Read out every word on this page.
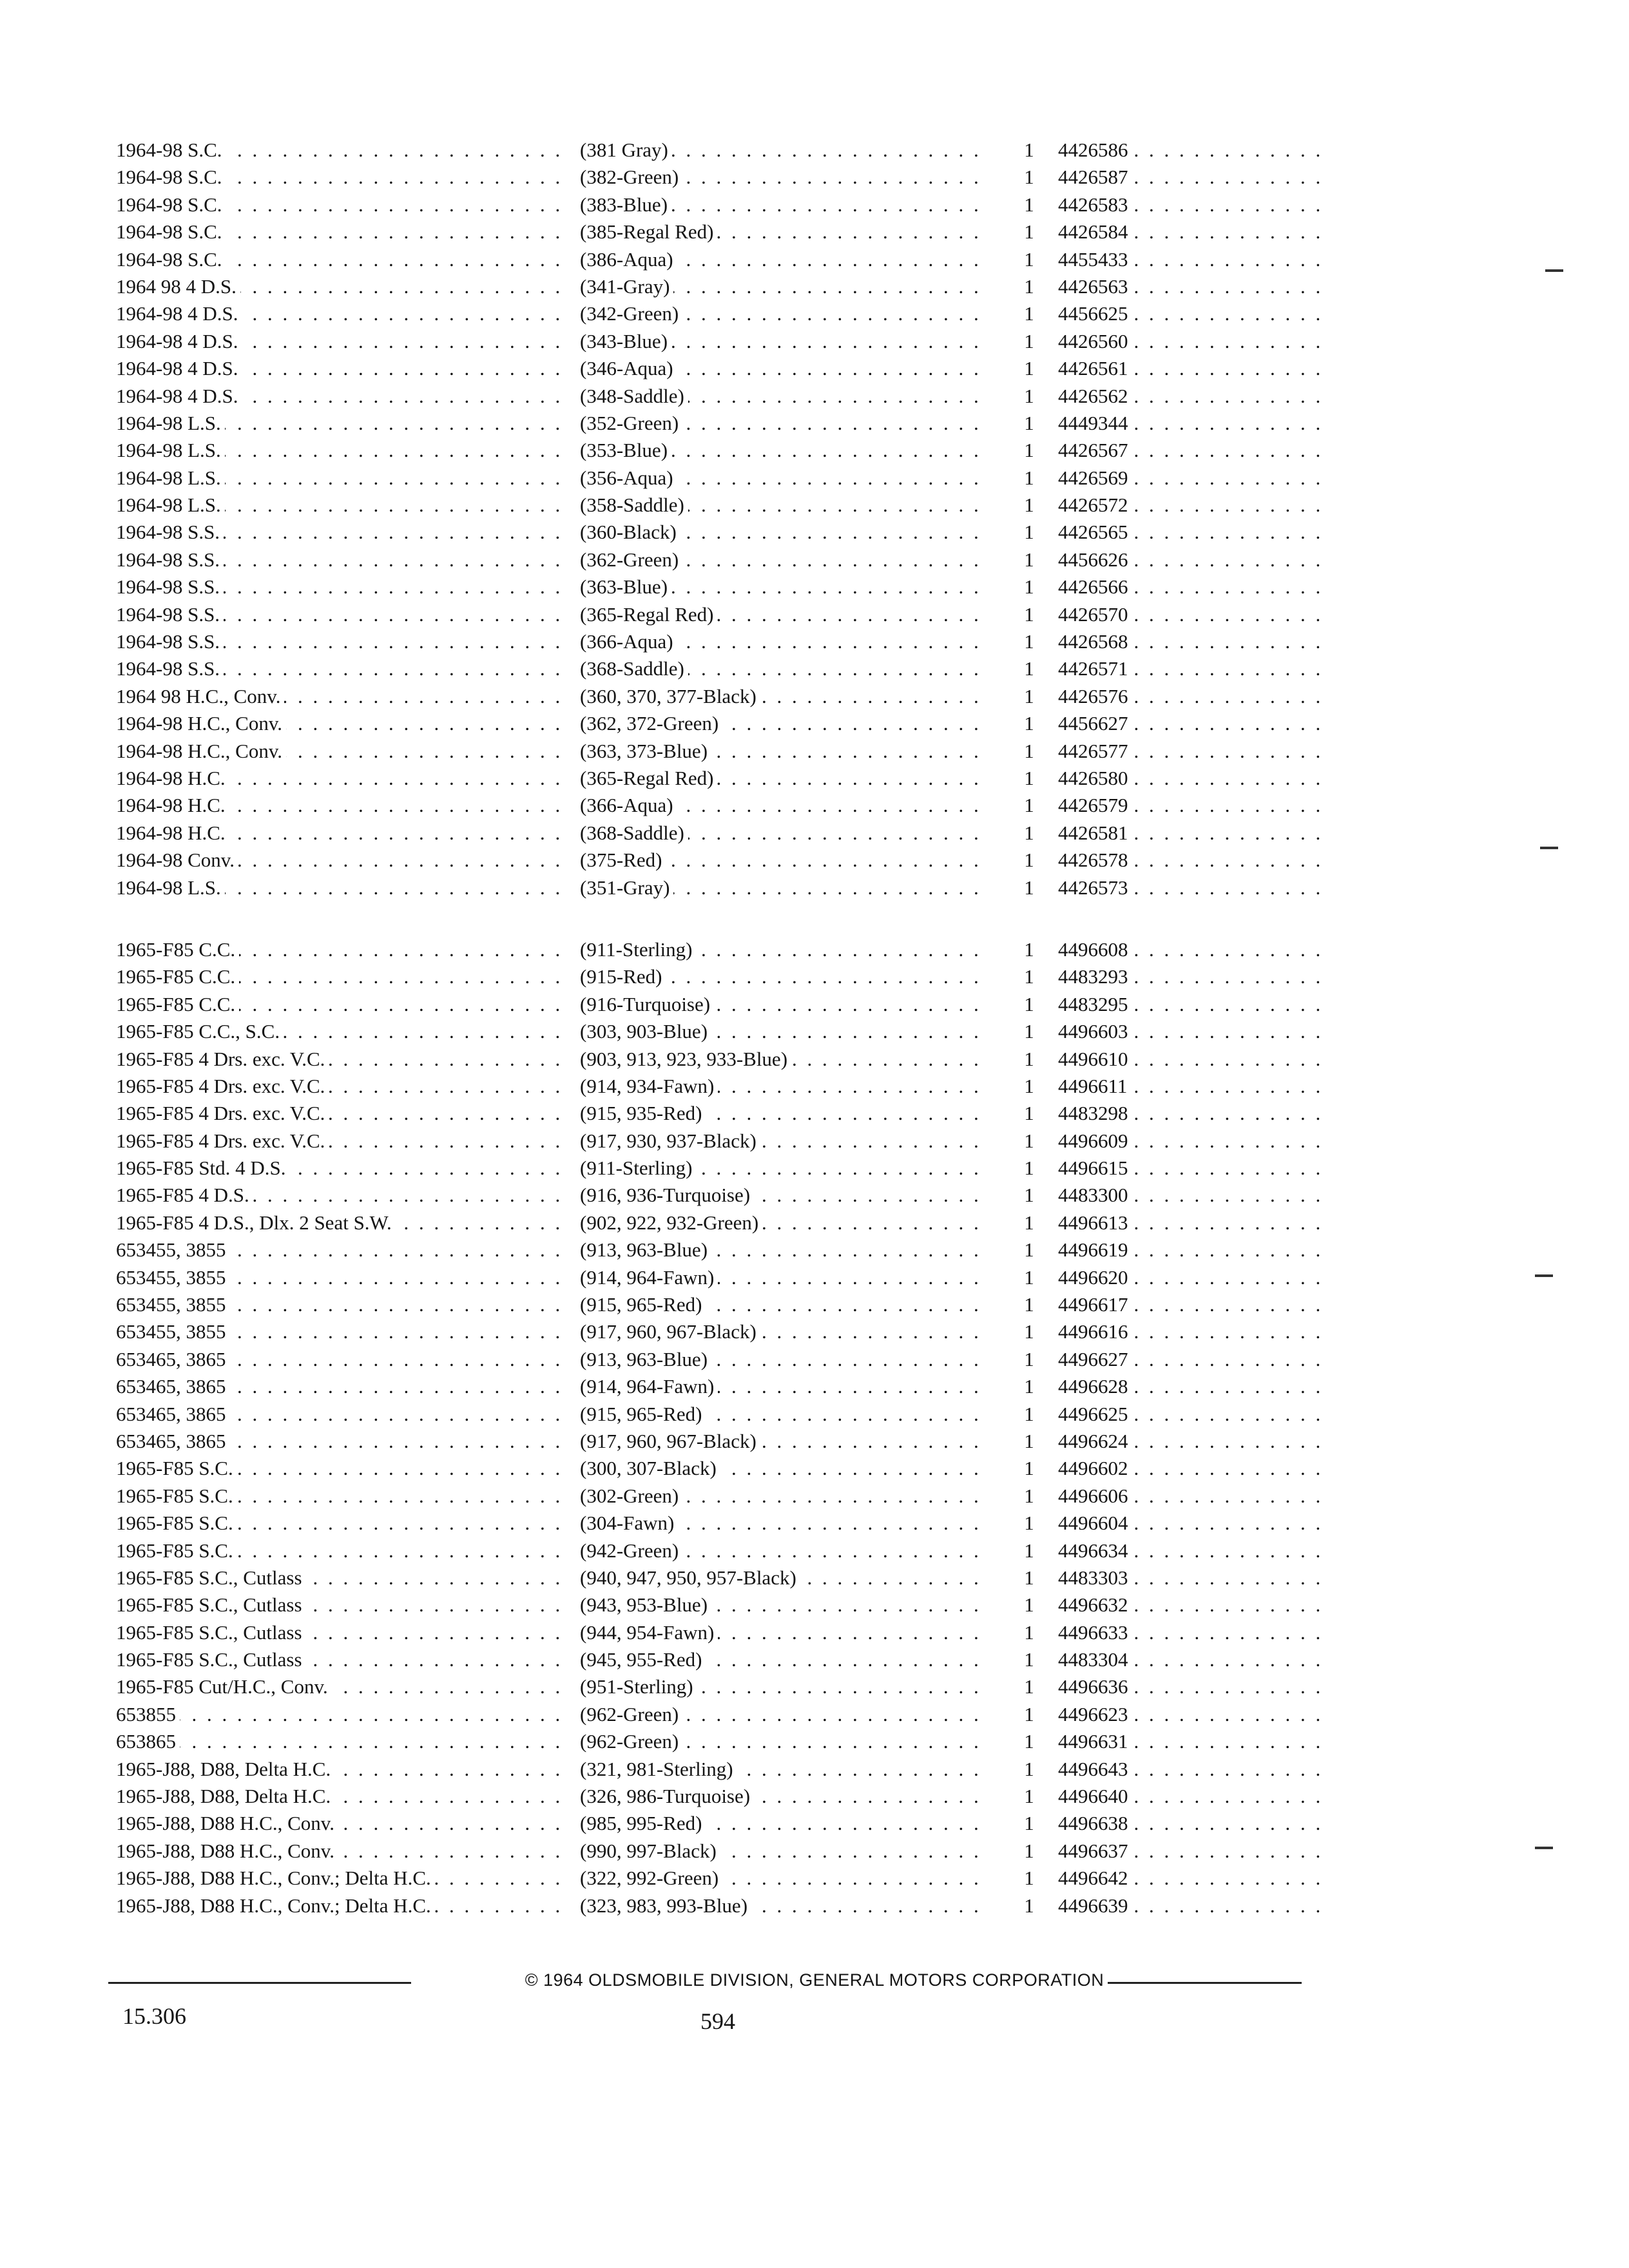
1964-98 S.C. . . .	(381 Gray) . . .	1	4426586 . . .
1964-98 S.C. . . .	(382-Green) . . .	1	4426587 . . .
1964-98 S.C. . . .	(383-Blue) . . .	1	4426583 . . .
1964-98 S.C. . . .	(385-Regal Red) . . .	1	4426584 . . .
1964-98 S.C. . . .	(386-Aqua) . . .	1	4455433 . . .
1964 98 4 D.S. . . .	(341-Gray) . . .	1	4426563 . . .
1964-98 4 D.S. . . .	(342-Green) . . .	1	4456625 . . .
1964-98 4 D.S. . . .	(343-Blue) . . .	1	4426560 . . .
1964-98 4 D.S. . . .	(346-Aqua) . . .	1	4426561 . . .
1964-98 4 D.S. . . .	(348-Saddle) . . .	1	4426562 . . .
1964-98 L.S. . . .	(352-Green) . . .	1	4449344 . . .
1964-98 L.S. . . .	(353-Blue) . . .	1	4426567 . . .
1964-98 L.S. . . .	(356-Aqua) . . .	1	4426569 . . .
1964-98 L.S. . . .	(358-Saddle) . . .	1	4426572 . . .
1964-98 S.S. . . .	(360-Black) . . .	1	4426565 . . .
1964-98 S.S. . . .	(362-Green) . . .	1	4456626 . . .
1964-98 S.S. . . .	(363-Blue) . . .	1	4426566 . . .
1964-98 S.S. . . .	(365-Regal Red) . . .	1	4426570 . . .
1964-98 S.S. . . .	(366-Aqua) . . .	1	4426568 . . .
1964-98 S.S. . . .	(368-Saddle) . . .	1	4426571 . . .
1964 98 H.C., Conv. . . .	(360, 370, 377-Black) . . .	1	4426576 . . .
1964-98 H.C., Conv. . . .	(362, 372-Green) . . .	1	4456627 . . .
1964-98 H.C., Conv. . . .	(363, 373-Blue) . . .	1	4426577 . . .
1964-98 H.C. . . .	(365-Regal Red) . . .	1	4426580 . . .
1964-98 H.C. . . .	(366-Aqua) . . .	1	4426579 . . .
1964-98 H.C. . . .	(368-Saddle) . . .	1	4426581 . . .
1964-98 Conv. . . .	(375-Red) . . .	1	4426578 . . .
1964-98 L.S. . . .	(351-Gray) . . .	1	4426573 . . .
1965-F85 C.C. . . .	(911-Sterling) . . .	1	4496608 . . .
1965-F85 C.C. . . .	(915-Red) . . .	1	4483293 . . .
1965-F85 C.C. . . .	(916-Turquoise) . . .	1	4483295 . . .
1965-F85 C.C., S.C. . . .	(303, 903-Blue) . . .	1	4496603 . . .
1965-F85 4 Drs. exc. V.C. . . .	(903, 913, 923, 933-Blue) . . .	1	4496610 . . .
1965-F85 4 Drs. exc. V.C. . . .	(914, 934-Fawn) . . .	1	4496611 . . .
1965-F85 4 Drs. exc. V.C. . . .	(915, 935-Red) . . .	1	4483298 . . .
1965-F85 4 Drs. exc. V.C. . . .	(917, 930, 937-Black) . . .	1	4496609 . . .
1965-F85 Std. 4 D.S. . . .	(911-Sterling) . . .	1	4496615 . . .
1965-F85 4 D.S. . . .	(916, 936-Turquoise) . . .	1	4483300 . . .
1965-F85 4 D.S., Dlx. 2 Seat S.W. . . .	(902, 922, 932-Green) . . .	1	4496613 . . .
653455, 3855 . . .	(913, 963-Blue) . . .	1	4496619 . . .
653455, 3855 . . .	(914, 964-Fawn) . . .	1	4496620 . . .
653455, 3855 . . .	(915, 965-Red) . . .	1	4496617 . . .
653455, 3855 . . .	(917, 960, 967-Black) . . .	1	4496616 . . .
653465, 3865 . . .	(913, 963-Blue) . . .	1	4496627 . . .
653465, 3865 . . .	(914, 964-Fawn) . . .	1	4496628 . . .
653465, 3865 . . .	(915, 965-Red) . . .	1	4496625 . . .
653465, 3865 . . .	(917, 960, 967-Black) . . .	1	4496624 . . .
1965-F85 S.C. . . .	(300, 307-Black) . . .	1	4496602 . . .
1965-F85 S.C. . . .	(302-Green) . . .	1	4496606 . . .
1965-F85 S.C. . . .	(304-Fawn) . . .	1	4496604 . . .
1965-F85 S.C. . . .	(942-Green) . . .	1	4496634 . . .
1965-F85 S.C., Cutlass . . .	(940, 947, 950, 957-Black) . . .	1	4483303 . . .
1965-F85 S.C., Cutlass . . .	(943, 953-Blue) . . .	1	4496632 . . .
1965-F85 S.C., Cutlass . . .	(944, 954-Fawn) . . .	1	4496633 . . .
1965-F85 S.C., Cutlass . . .	(945, 955-Red) . . .	1	4483304 . . .
1965-F85 Cut/H.C., Conv. . . .	(951-Sterling) . . .	1	4496636 . . .
653855 . . .	(962-Green) . . .	1	4496623 . . .
653865 . . .	(962-Green) . . .	1	4496631 . . .
1965-J88, D88, Delta H.C. . . .	(321, 981-Sterling) . . .	1	4496643 . . .
1965-J88, D88, Delta H.C. . . .	(326, 986-Turquoise) . . .	1	4496640 . . .
1965-J88, D88 H.C., Conv. . . .	(985, 995-Red) . . .	1	4496638 . . .
1965-J88, D88 H.C., Conv. . . .	(990, 997-Black) . . .	1	4496637 . . .
1965-J88, D88 H.C., Conv.; Delta H.C. . . .	(322, 992-Green) . . .	1	4496642 . . .
1965-J88, D88 H.C., Conv.; Delta H.C. . . .	(323, 983, 993-Blue) . . .	1	4496639 . . .
© 1964 OLDSMOBILE DIVISION, GENERAL MOTORS CORPORATION
15.306	594
